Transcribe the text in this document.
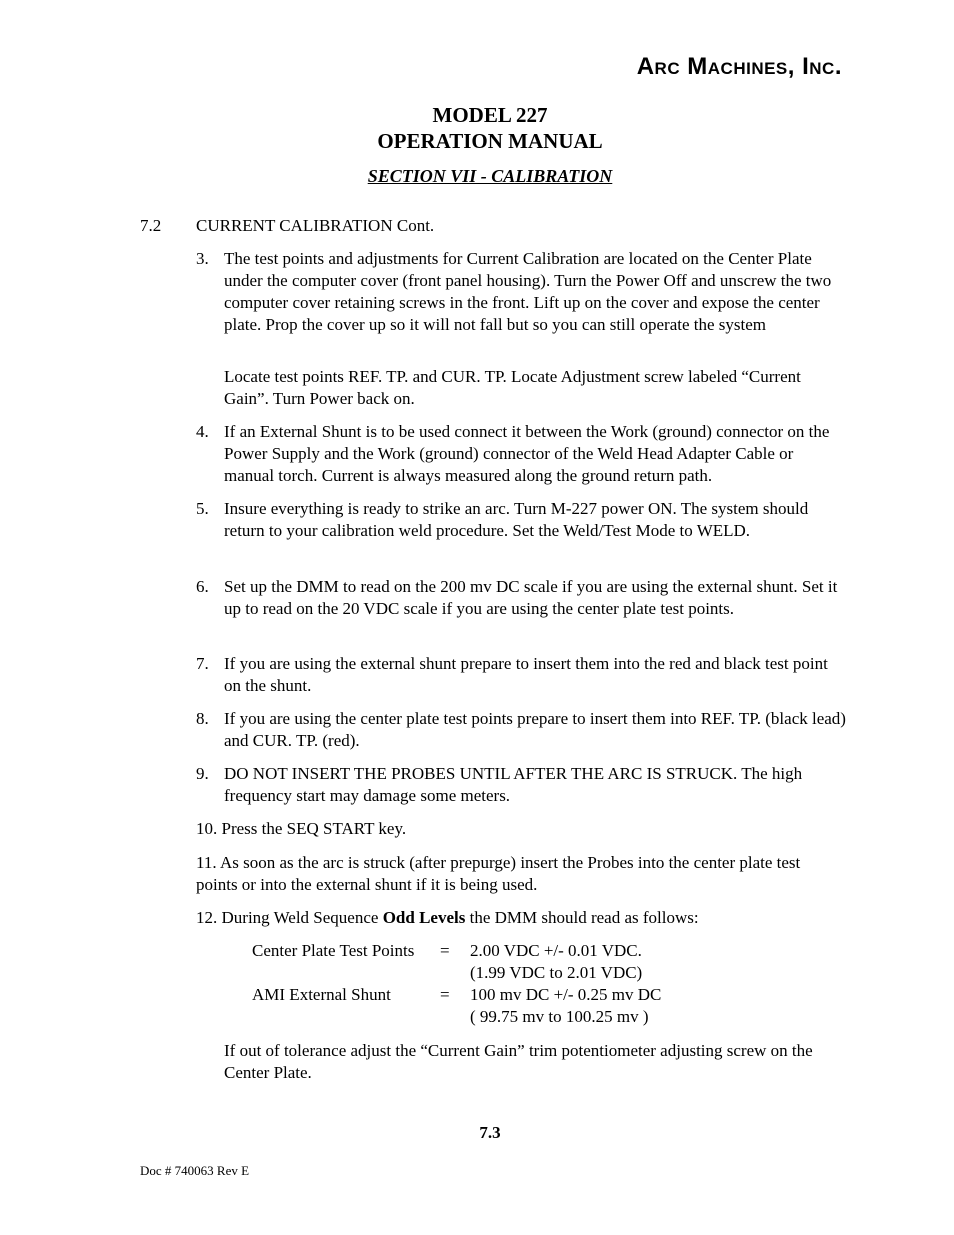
Arc Machines, Inc.
MODEL 227
OPERATION MANUAL
SECTION VII - CALIBRATION
7.2 CURRENT CALIBRATION Cont.
3. The test points and adjustments for Current Calibration are located on the Center Plate under the computer cover (front panel housing). Turn the Power Off and unscrew the two computer cover retaining screws in the front. Lift up on the cover and expose the center plate. Prop the cover up so it will not fall but so you can still operate the system
Locate test points REF. TP. and CUR. TP. Locate Adjustment screw labeled “Current Gain”. Turn Power back on.
4. If an External Shunt is to be used connect it between the Work (ground) connector on the Power Supply and the Work (ground) connector of the Weld Head Adapter Cable or manual torch. Current is always measured along the ground return path.
5. Insure everything is ready to strike an arc. Turn M-227 power ON. The system should return to your calibration weld procedure. Set the Weld/Test Mode to WELD.
6. Set up the DMM to read on the 200 mv DC scale if you are using the external shunt. Set it up to read on the 20 VDC scale if you are using the center plate test points.
7. If you are using the external shunt prepare to insert them into the red and black test point on the shunt.
8. If you are using the center plate test points prepare to insert them into REF. TP. (black lead) and CUR. TP. (red).
9. DO NOT INSERT THE PROBES UNTIL AFTER THE ARC IS STRUCK. The high frequency start may damage some meters.
10. Press the SEQ START key.
11. As soon as the arc is struck (after prepurge) insert the Probes into the center plate test points or into the external shunt if it is being used.
12. During Weld Sequence Odd Levels the DMM should read as follows:
Center Plate Test Points = 2.00 VDC +/- 0.01 VDC.
(1.99 VDC to 2.01 VDC)
AMI External Shunt	= 100 mv DC +/- 0.25 mv DC
( 99.75 mv to 100.25 mv )
If out of tolerance adjust the “Current Gain” trim potentiometer adjusting screw on the Center Plate.
7.3
Doc # 740063 Rev E
